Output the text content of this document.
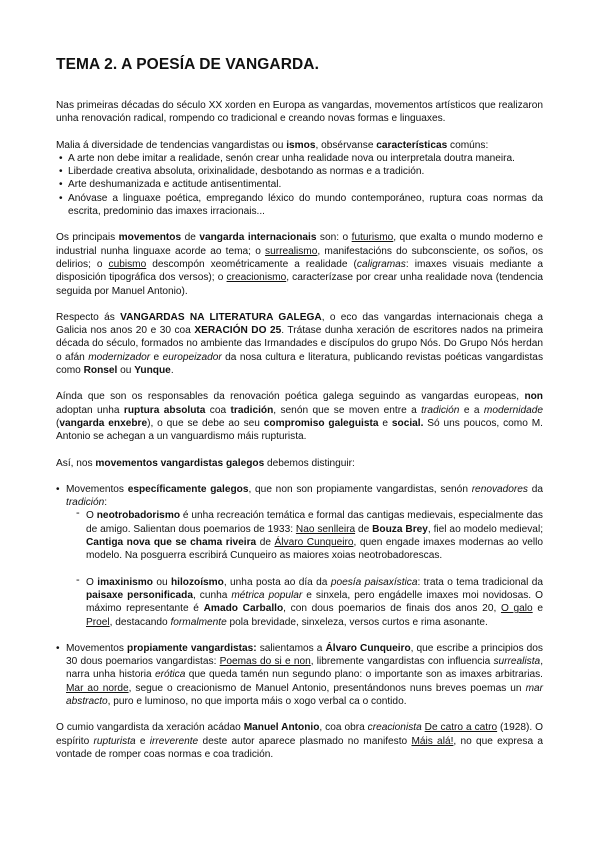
TEMA 2. A POESÍA DE VANGARDA.

Nas primeiras décadas do século XX xorden en Europa as vangardas, movementos artísticos que realizaron unha renovación radical, rompendo co tradicional e creando novas formas e linguaxes.

Malia á diversidade de tendencias vangardistas ou ismos, obsérvanse características comúns:

• A arte non debe imitar a realidade, senón crear unha realidade nova ou interpretala doutra maneira.
• Liberdade creativa absoluta, orixinalidade, desbotando as normas e a tradición.
• Arte deshumanizada e actitude antisentimental.
• Anóvase a linguaxe poética, empregando léxico do mundo contemporáneo, ruptura coas normas da escrita, predominio das imaxes irracionais...

Os principais movementos de vangarda internacionais son: o futurismo, que exalta o mundo moderno e industrial nunha linguaxe acorde ao tema; o surrealismo, manifestacións do subconsciente, os soños, os delirios; o cubismo descompón xeométricamente a realidade (caligramas: imaxes visuais mediante a disposición tipográfica dos versos); o creacionismo, caracterízase por crear unha realidade nova (tendencia seguida por Manuel Antonio).

Respecto ás VANGARDAS NA LITERATURA GALEGA, o eco das vangardas internacionais chega a Galicia nos anos 20 e 30 coa XERACIÓN DO 25. Trátase dunha xeración de escritores nados na primeira década do século, formados no ambiente das Irmandades e discípulos do grupo Nós. Do Grupo Nós herdan o afán modernizador e europeizador da nosa cultura e literatura, publicando revistas poéticas vangardistas como Ronsel ou Yunque.

Aínda que son os responsables da renovación poética galega seguindo as vangardas europeas, non adoptan unha ruptura absoluta coa tradición, senón que se moven entre a tradición e a modernidade (vangarda enxebre), o que se debe ao seu compromiso galeguista e social. Só uns poucos, como M. Antonio se achegan a un vanguardismo máis rupturista.

Así, nos movementos vangardistas galegos debemos distinguir:

• Movementos específicamente galegos, que non son propiamente vangardistas, senón renovadores da tradición:
- O neotrobadorismo é unha recreación temática e formal das cantigas medievais, especialmente das de amigo. Salientan dous poemarios de 1933: Nao senlleira de Bouza Brey, fiel ao modelo medieval; Cantiga nova que se chama riveira de Álvaro Cunqueiro, quen engade imaxes modernas ao vello modelo. Na posguerra escribirá Cunqueiro as maiores xoias neotrobadorescas.
- O imaxinismo ou hilozoísmo, unha posta ao día da poesía paisaxística: trata o tema tradicional da paisaxe personificada, cunha métrica popular e sinxela, pero engádelle imaxes moi novidosas. O máximo representante é Amado Carballo, con dous poemarios de finais dos anos 20, O galo e Proel, destacando formalmente pola brevidade, sinxeleza, versos curtos e rima asonante.
• Movementos propiamente vangardistas: salientamos a Álvaro Cunqueiro, que escribe a principios dos 30 dous poemarios vangardistas: Poemas do si e non, libremente vangardistas con influencia surrealista, narra unha historia erótica que queda tamén nun segundo plano: o importante son as imaxes arbitrarias. Mar ao norde, segue o creacionismo de Manuel Antonio, presentándonos nuns breves poemas un mar abstracto, puro e luminoso, no que importa máis o xogo verbal ca o contido.

O cumio vangardista da xeración acádao Manuel Antonio, coa obra creacionista De catro a catro (1928). O espírito rupturista e irreverente deste autor aparece plasmado no manifesto Máis alá!, no que expresa a vontade de romper coas normas e coa tradición.
